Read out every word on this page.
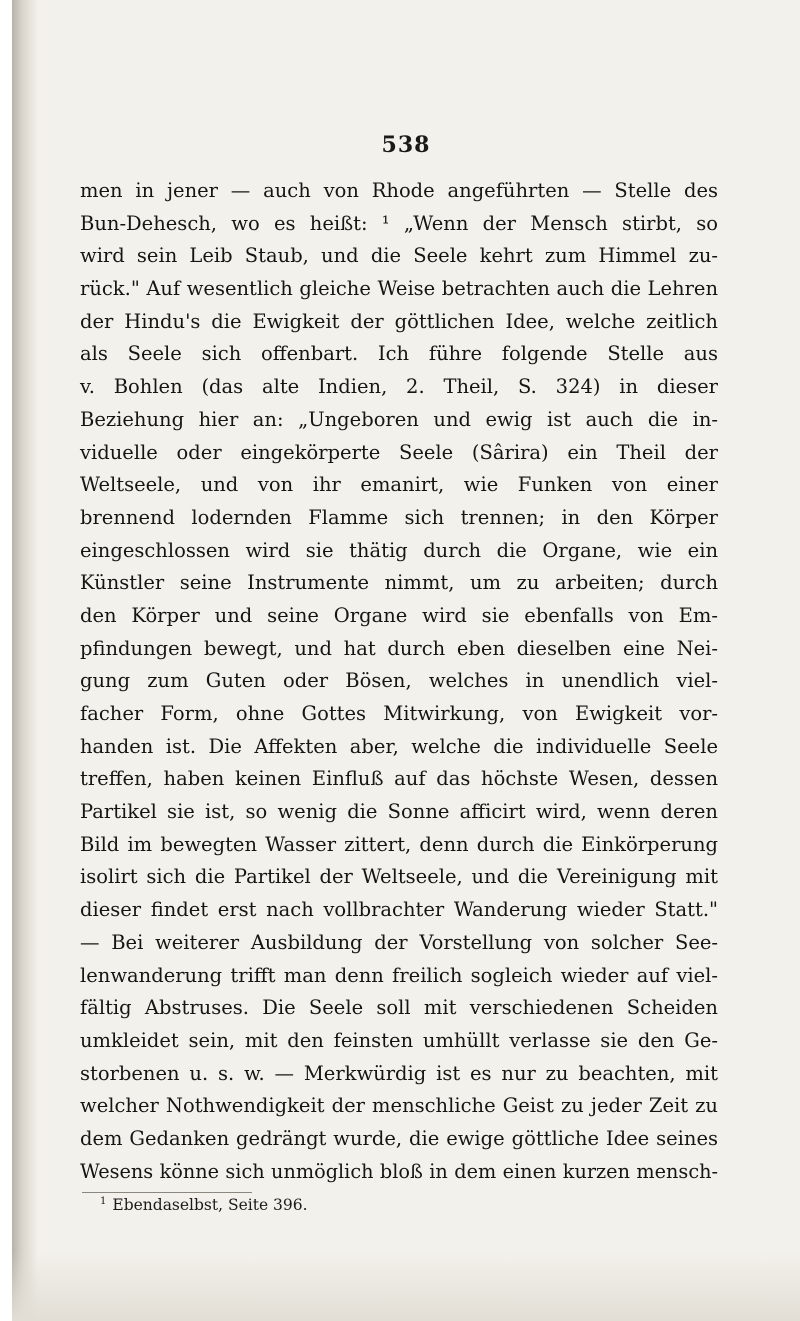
538
men in jener — auch von Rhode angeführten — Stelle des
Bun-Dehesch, wo es heißt: ¹ „Wenn der Mensch stirbt, so
wird sein Leib Staub, und die Seele kehrt zum Himmel zu-
rück." Auf wesentlich gleiche Weise betrachten auch die Lehren
der Hindu's die Ewigkeit der göttlichen Idee, welche zeitlich
als Seele sich offenbart. Ich führe folgende Stelle aus
v. Bohlen (das alte Indien, 2. Theil, S. 324) in dieser
Beziehung hier an: „Ungeboren und ewig ist auch die in-
viduelle oder eingekörperte Seele (Sârira) ein Theil der
Weltseele, und von ihr emanirt, wie Funken von einer
brennend lodernden Flamme sich trennen; in den Körper
eingeschlossen wird sie thätig durch die Organe, wie ein
Künstler seine Instrumente nimmt, um zu arbeiten; durch
den Körper und seine Organe wird sie ebenfalls von Em-
pfindungen bewegt, und hat durch eben dieselben eine Nei-
gung zum Guten oder Bösen, welches in unendlich viel-
facher Form, ohne Gottes Mitwirkung, von Ewigkeit vor-
handen ist. Die Affekten aber, welche die individuelle Seele
treffen, haben keinen Einfluß auf das höchste Wesen, dessen
Partikel sie ist, so wenig die Sonne afficirt wird, wenn deren
Bild im bewegten Wasser zittert, denn durch die Einkörperung
isolirt sich die Partikel der Weltseele, und die Vereinigung mit
dieser findet erst nach vollbrachter Wanderung wieder Statt."
— Bei weiterer Ausbildung der Vorstellung von solcher See-
lenwanderung trifft man denn freilich sogleich wieder auf viel-
fältig Abstruses. Die Seele soll mit verschiedenen Scheiden
umkleidet sein, mit den feinsten umhüllt verlasse sie den Ge-
storbenen u. s. w. — Merkwürdig ist es nur zu beachten, mit
welcher Nothwendigkeit der menschliche Geist zu jeder Zeit zu
dem Gedanken gedrängt wurde, die ewige göttliche Idee seines
Wesens könne sich unmöglich bloß in dem einen kurzen mensch-
$^1$ Ebendaselbst, Seite 396.
